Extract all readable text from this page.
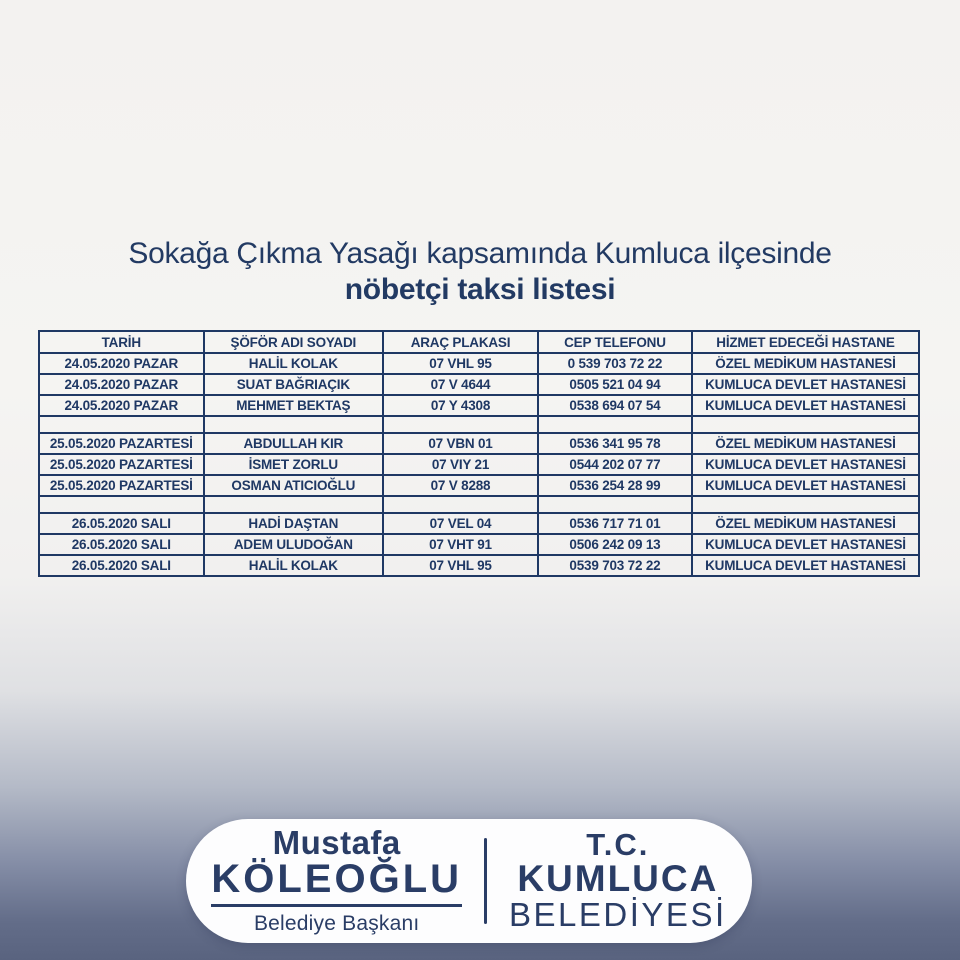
Sokağa Çıkma Yasağı kapsamında Kumluca ilçesinde
nöbetçi taksi listesi
TARİH	ŞÖFÖR ADI SOYADI	ARAÇ PLAKASI	CEP TELEFONU	HİZMET EDECEĞİ HASTANE
24.05.2020 PAZAR	HALİL KOLAK	07 VHL 95	0 539 703 72 22	ÖZEL MEDİKUM HASTANESİ
24.05.2020 PAZAR	SUAT BAĞRIAÇIK	07 V 4644	0505 521 04 94	KUMLUCA DEVLET HASTANESİ
24.05.2020 PAZAR	MEHMET BEKTAŞ	07 Y 4308	0538 694 07 54	KUMLUCA DEVLET HASTANESİ

25.05.2020 PAZARTESİ	ABDULLAH KIR	07 VBN 01	0536 341 95 78	ÖZEL MEDİKUM HASTANESİ
25.05.2020 PAZARTESİ	İSMET ZORLU	07 VIY 21	0544 202 07 77	KUMLUCA DEVLET HASTANESİ
25.05.2020 PAZARTESİ	OSMAN ATICIOĞLU	07 V 8288	0536 254 28 99	KUMLUCA DEVLET HASTANESİ

26.05.2020 SALI	HADİ DAŞTAN	07 VEL 04	0536 717 71 01	ÖZEL MEDİKUM HASTANESİ
26.05.2020 SALI	ADEM ULUDOĞAN	07 VHT 91	0506 242 09 13	KUMLUCA DEVLET HASTANESİ
26.05.2020 SALI	HALİL KOLAK	07 VHL 95	0539 703 72 22	KUMLUCA DEVLET HASTANESİ
Mustafa
KÖLEOĞLU
Belediye Başkanı
T.C.
KUMLUCA
BELEDİYESİ
